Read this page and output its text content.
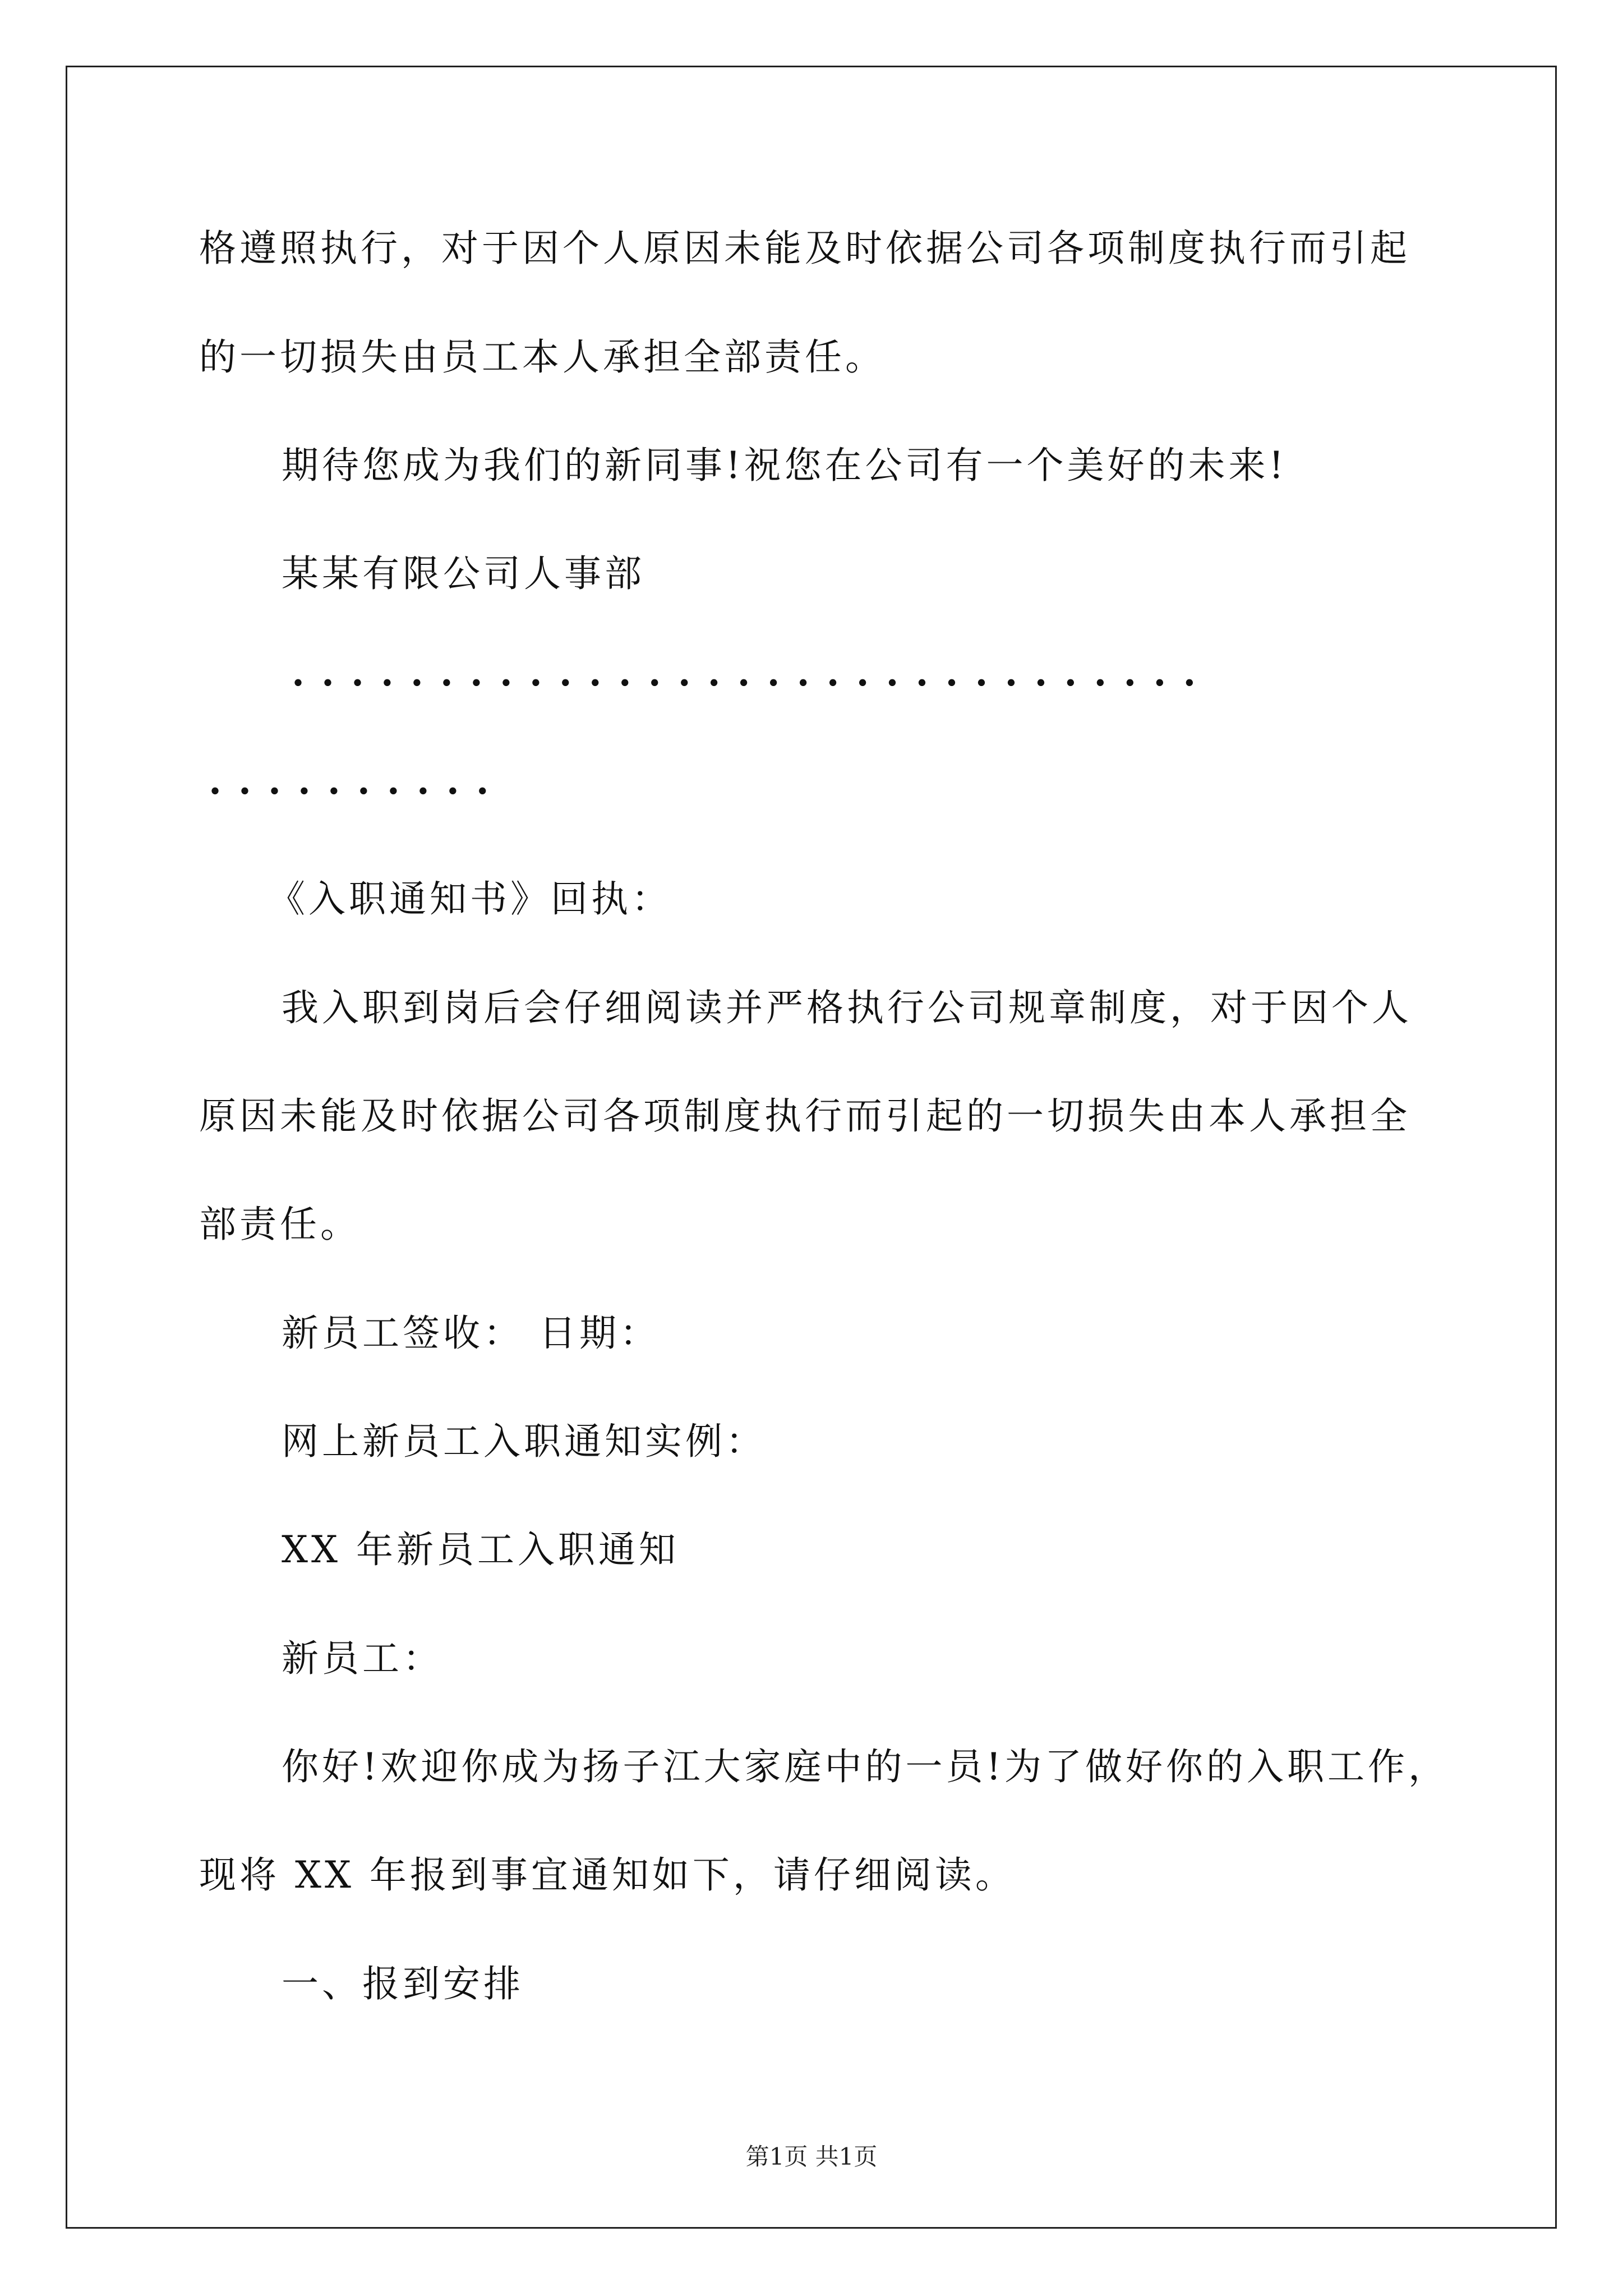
格遵照执行，对于因个人原因未能及时依据公司各项制度执行而引起
的一切损失由员工本人承担全部责任。
期待您成为我们的新同事!祝您在公司有一个美好的未来!
某某有限公司人事部
·······························
··········
《入职通知书》回执：
我入职到岗后会仔细阅读并严格执行公司规章制度，对于因个人
原因未能及时依据公司各项制度执行而引起的一切损失由本人承担全
部责任。
新员工签收： 日期：
网上新员工入职通知实例：
XX 年新员工入职通知
新员工：
你好!欢迎你成为扬子江大家庭中的一员!为了做好你的入职工作，
现将 XX 年报到事宜通知如下，请仔细阅读。
一、报到安排
第1页 共1页
